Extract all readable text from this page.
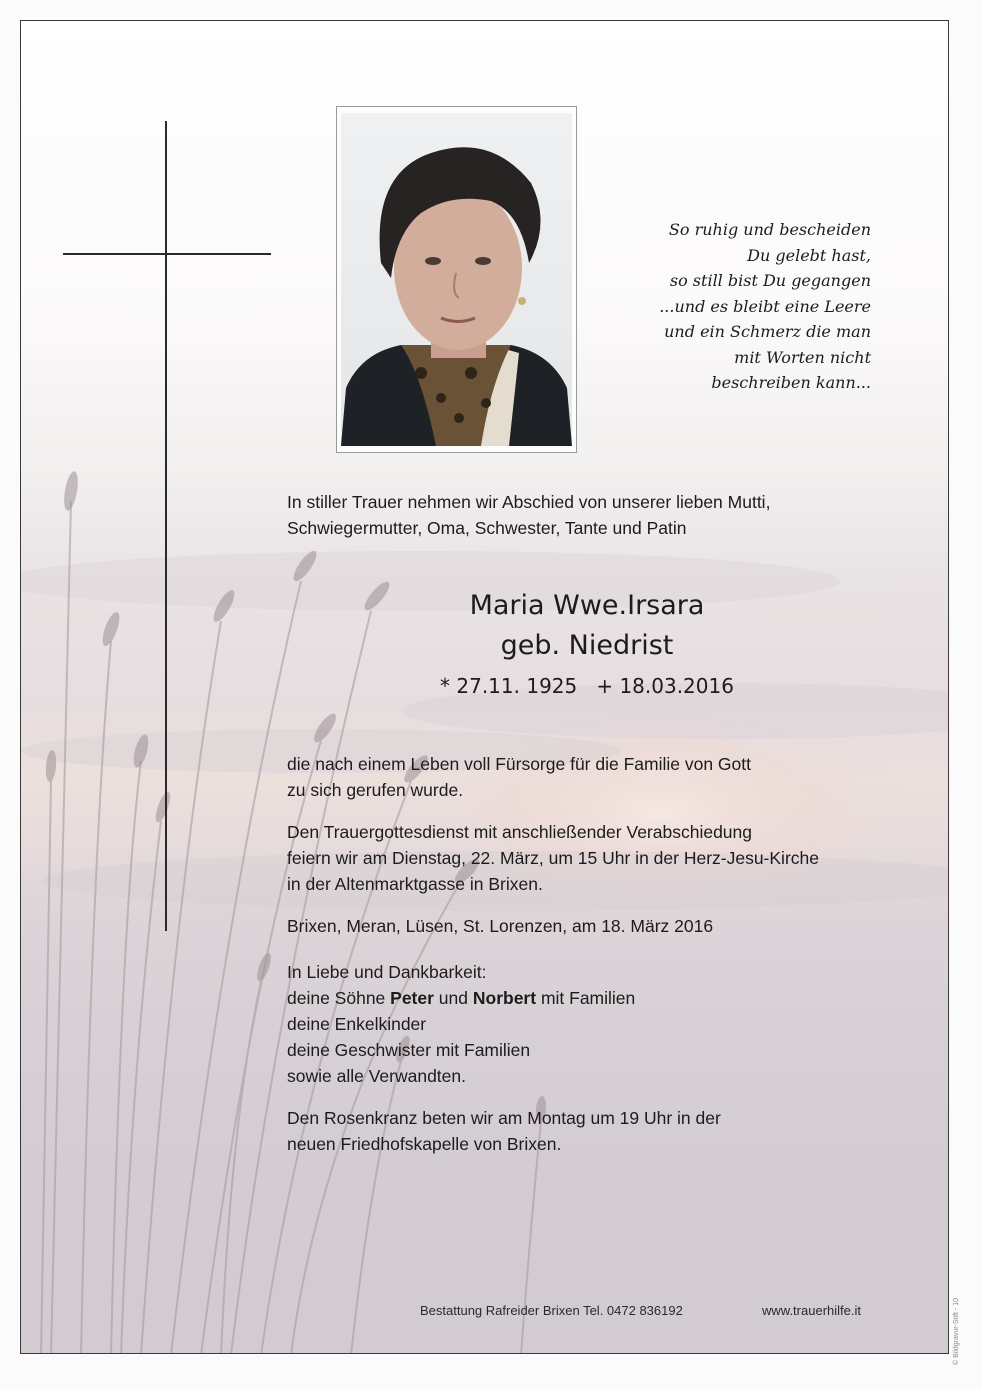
So ruhig und bescheiden
Du gelebt hast,
so still bist Du gegangen
...und es bleibt eine Leere
und ein Schmerz die man
mit Worten nicht
beschreiben kann...
In stiller Trauer nehmen wir Abschied von unserer lieben Mutti,
Schwiegermutter, Oma, Schwester, Tante und Patin
Maria Wwe.Irsara
geb. Niedrist
* 27.11. 1925 + 18.03.2016
die nach einem Leben voll Fürsorge für die Familie von Gott
zu sich gerufen wurde.
Den Trauergottesdienst mit anschließender Verabschiedung
feiern wir am Dienstag, 22. März, um 15 Uhr in der Herz-Jesu-Kirche
in der Altenmarktgasse in Brixen.
Brixen, Meran, Lüsen, St. Lorenzen, am 18. März 2016
In Liebe und Dankbarkeit:
deine Söhne Peter und Norbert mit Familien
deine Enkelkinder
deine Geschwister mit Familien
sowie alle Verwandten.
Den Rosenkranz beten wir am Montag um 19 Uhr in der
neuen Friedhofskapelle von Brixen.
Bestattung Rafreider Brixen Tel. 0472 836192	www.trauerhilfe.it	© Bildgravur-Stift - 10
